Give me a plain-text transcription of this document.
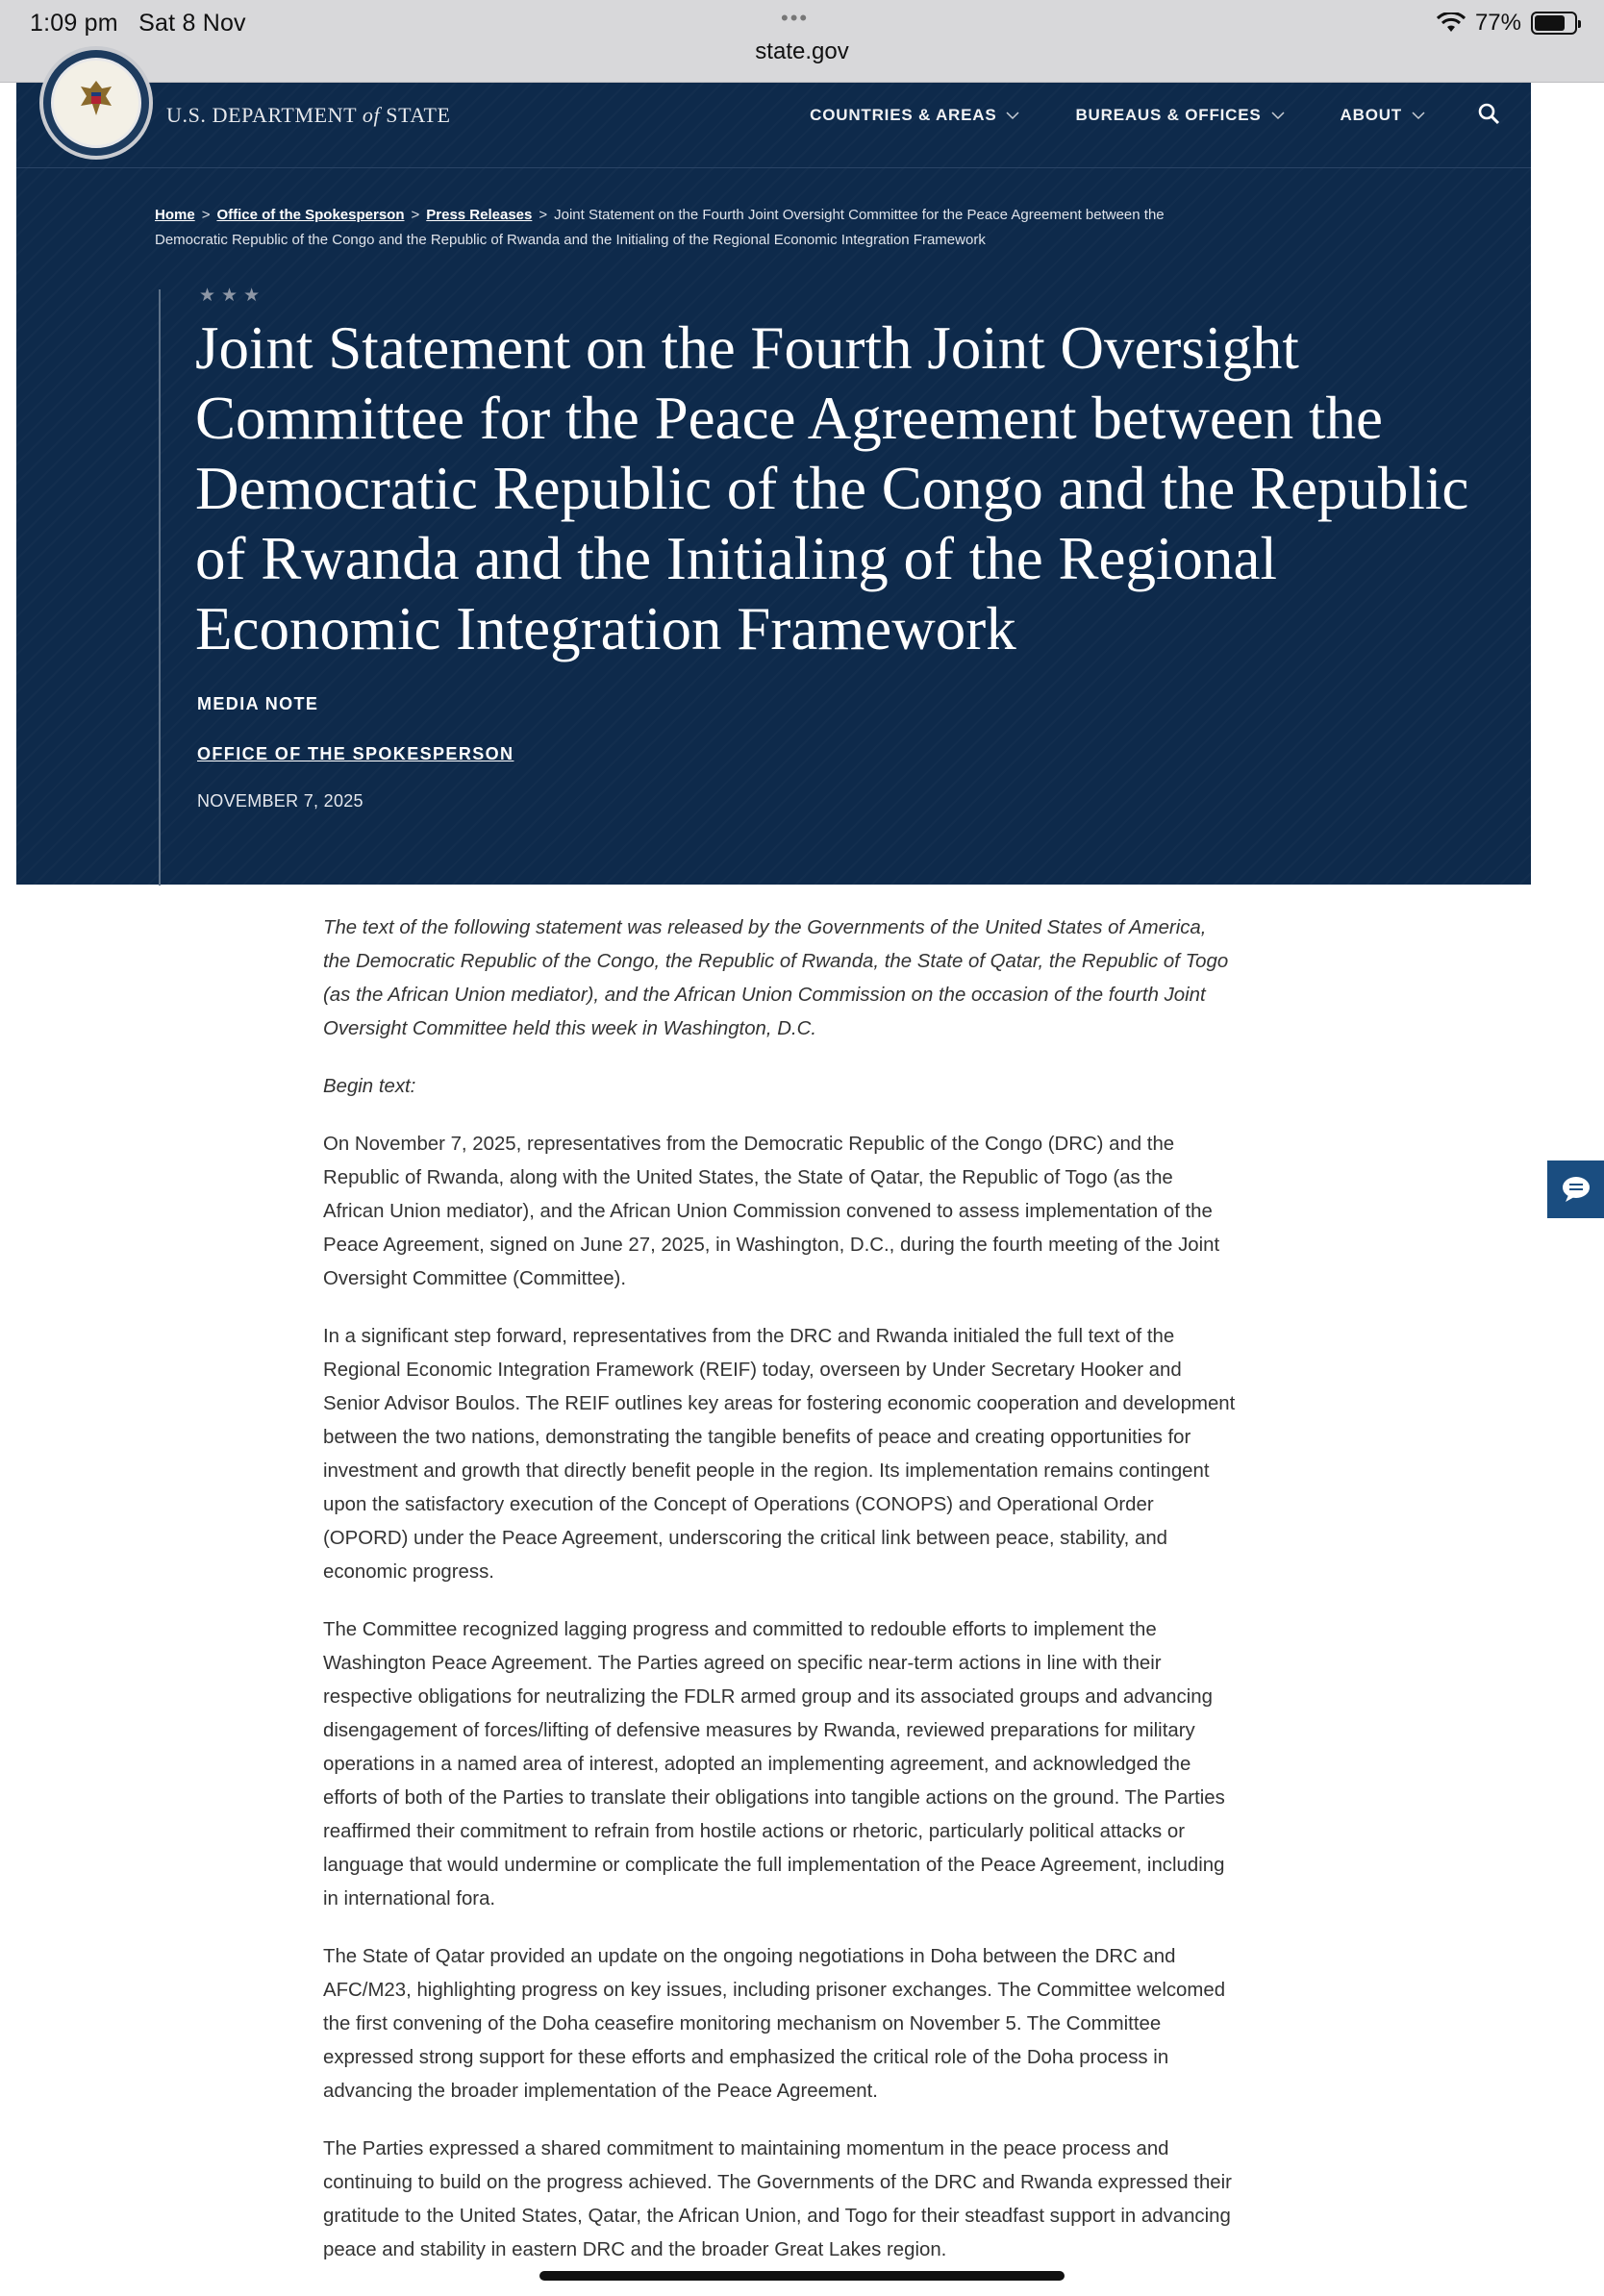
1:09 pm Sat 8 Nov	•••
state.gov
77%
U.S. DEPARTMENT of STATE	COUNTRIES & AREAS	BUREAUS & OFFICES	ABOUT
Home > Office of the Spokesperson > Press Releases > Joint Statement on the Fourth Joint Oversight Committee for the Peace Agreement between the Democratic Republic of the Congo and the Republic of Rwanda and the Initialing of the Regional Economic Integration Framework
★★★
Joint Statement on the Fourth Joint Oversight Committee for the Peace Agreement between the Democratic Republic of the Congo and the Republic of Rwanda and the Initialing of the Regional Economic Integration Framework
MEDIA NOTE
OFFICE OF THE SPOKESPERSON
NOVEMBER 7, 2025

The text of the following statement was released by the Governments of the United States of America, the Democratic Republic of the Congo, the Republic of Rwanda, the State of Qatar, the Republic of Togo (as the African Union mediator), and the African Union Commission on the occasion of the fourth Joint Oversight Committee held this week in Washington, D.C.

Begin text:

On November 7, 2025, representatives from the Democratic Republic of the Congo (DRC) and the Republic of Rwanda, along with the United States, the State of Qatar, the Republic of Togo (as the African Union mediator), and the African Union Commission convened to assess implementation of the Peace Agreement, signed on June 27, 2025, in Washington, D.C., during the fourth meeting of the Joint Oversight Committee (Committee).

In a significant step forward, representatives from the DRC and Rwanda initialed the full text of the Regional Economic Integration Framework (REIF) today, overseen by Under Secretary Hooker and Senior Advisor Boulos. The REIF outlines key areas for fostering economic cooperation and development between the two nations, demonstrating the tangible benefits of peace and creating opportunities for investment and growth that directly benefit people in the region. Its implementation remains contingent upon the satisfactory execution of the Concept of Operations (CONOPS) and Operational Order (OPORD) under the Peace Agreement, underscoring the critical link between peace, stability, and economic progress.

The Committee recognized lagging progress and committed to redouble efforts to implement the Washington Peace Agreement. The Parties agreed on specific near-term actions in line with their respective obligations for neutralizing the FDLR armed group and its associated groups and advancing disengagement of forces/lifting of defensive measures by Rwanda, reviewed preparations for military operations in a named area of interest, adopted an implementing agreement, and acknowledged the efforts of both of the Parties to translate their obligations into tangible actions on the ground. The Parties reaffirmed their commitment to refrain from hostile actions or rhetoric, particularly political attacks or language that would undermine or complicate the full implementation of the Peace Agreement, including in international fora.

The State of Qatar provided an update on the ongoing negotiations in Doha between the DRC and AFC/M23, highlighting progress on key issues, including prisoner exchanges. The Committee welcomed the first convening of the Doha ceasefire monitoring mechanism on November 5. The Committee expressed strong support for these efforts and emphasized the critical role of the Doha process in advancing the broader implementation of the Peace Agreement.

The Parties expressed a shared commitment to maintaining momentum in the peace process and continuing to build on the progress achieved. The Governments of the DRC and Rwanda expressed their gratitude to the United States, Qatar, the African Union, and Togo for their steadfast support in advancing peace and stability in eastern DRC and the broader Great Lakes region.
